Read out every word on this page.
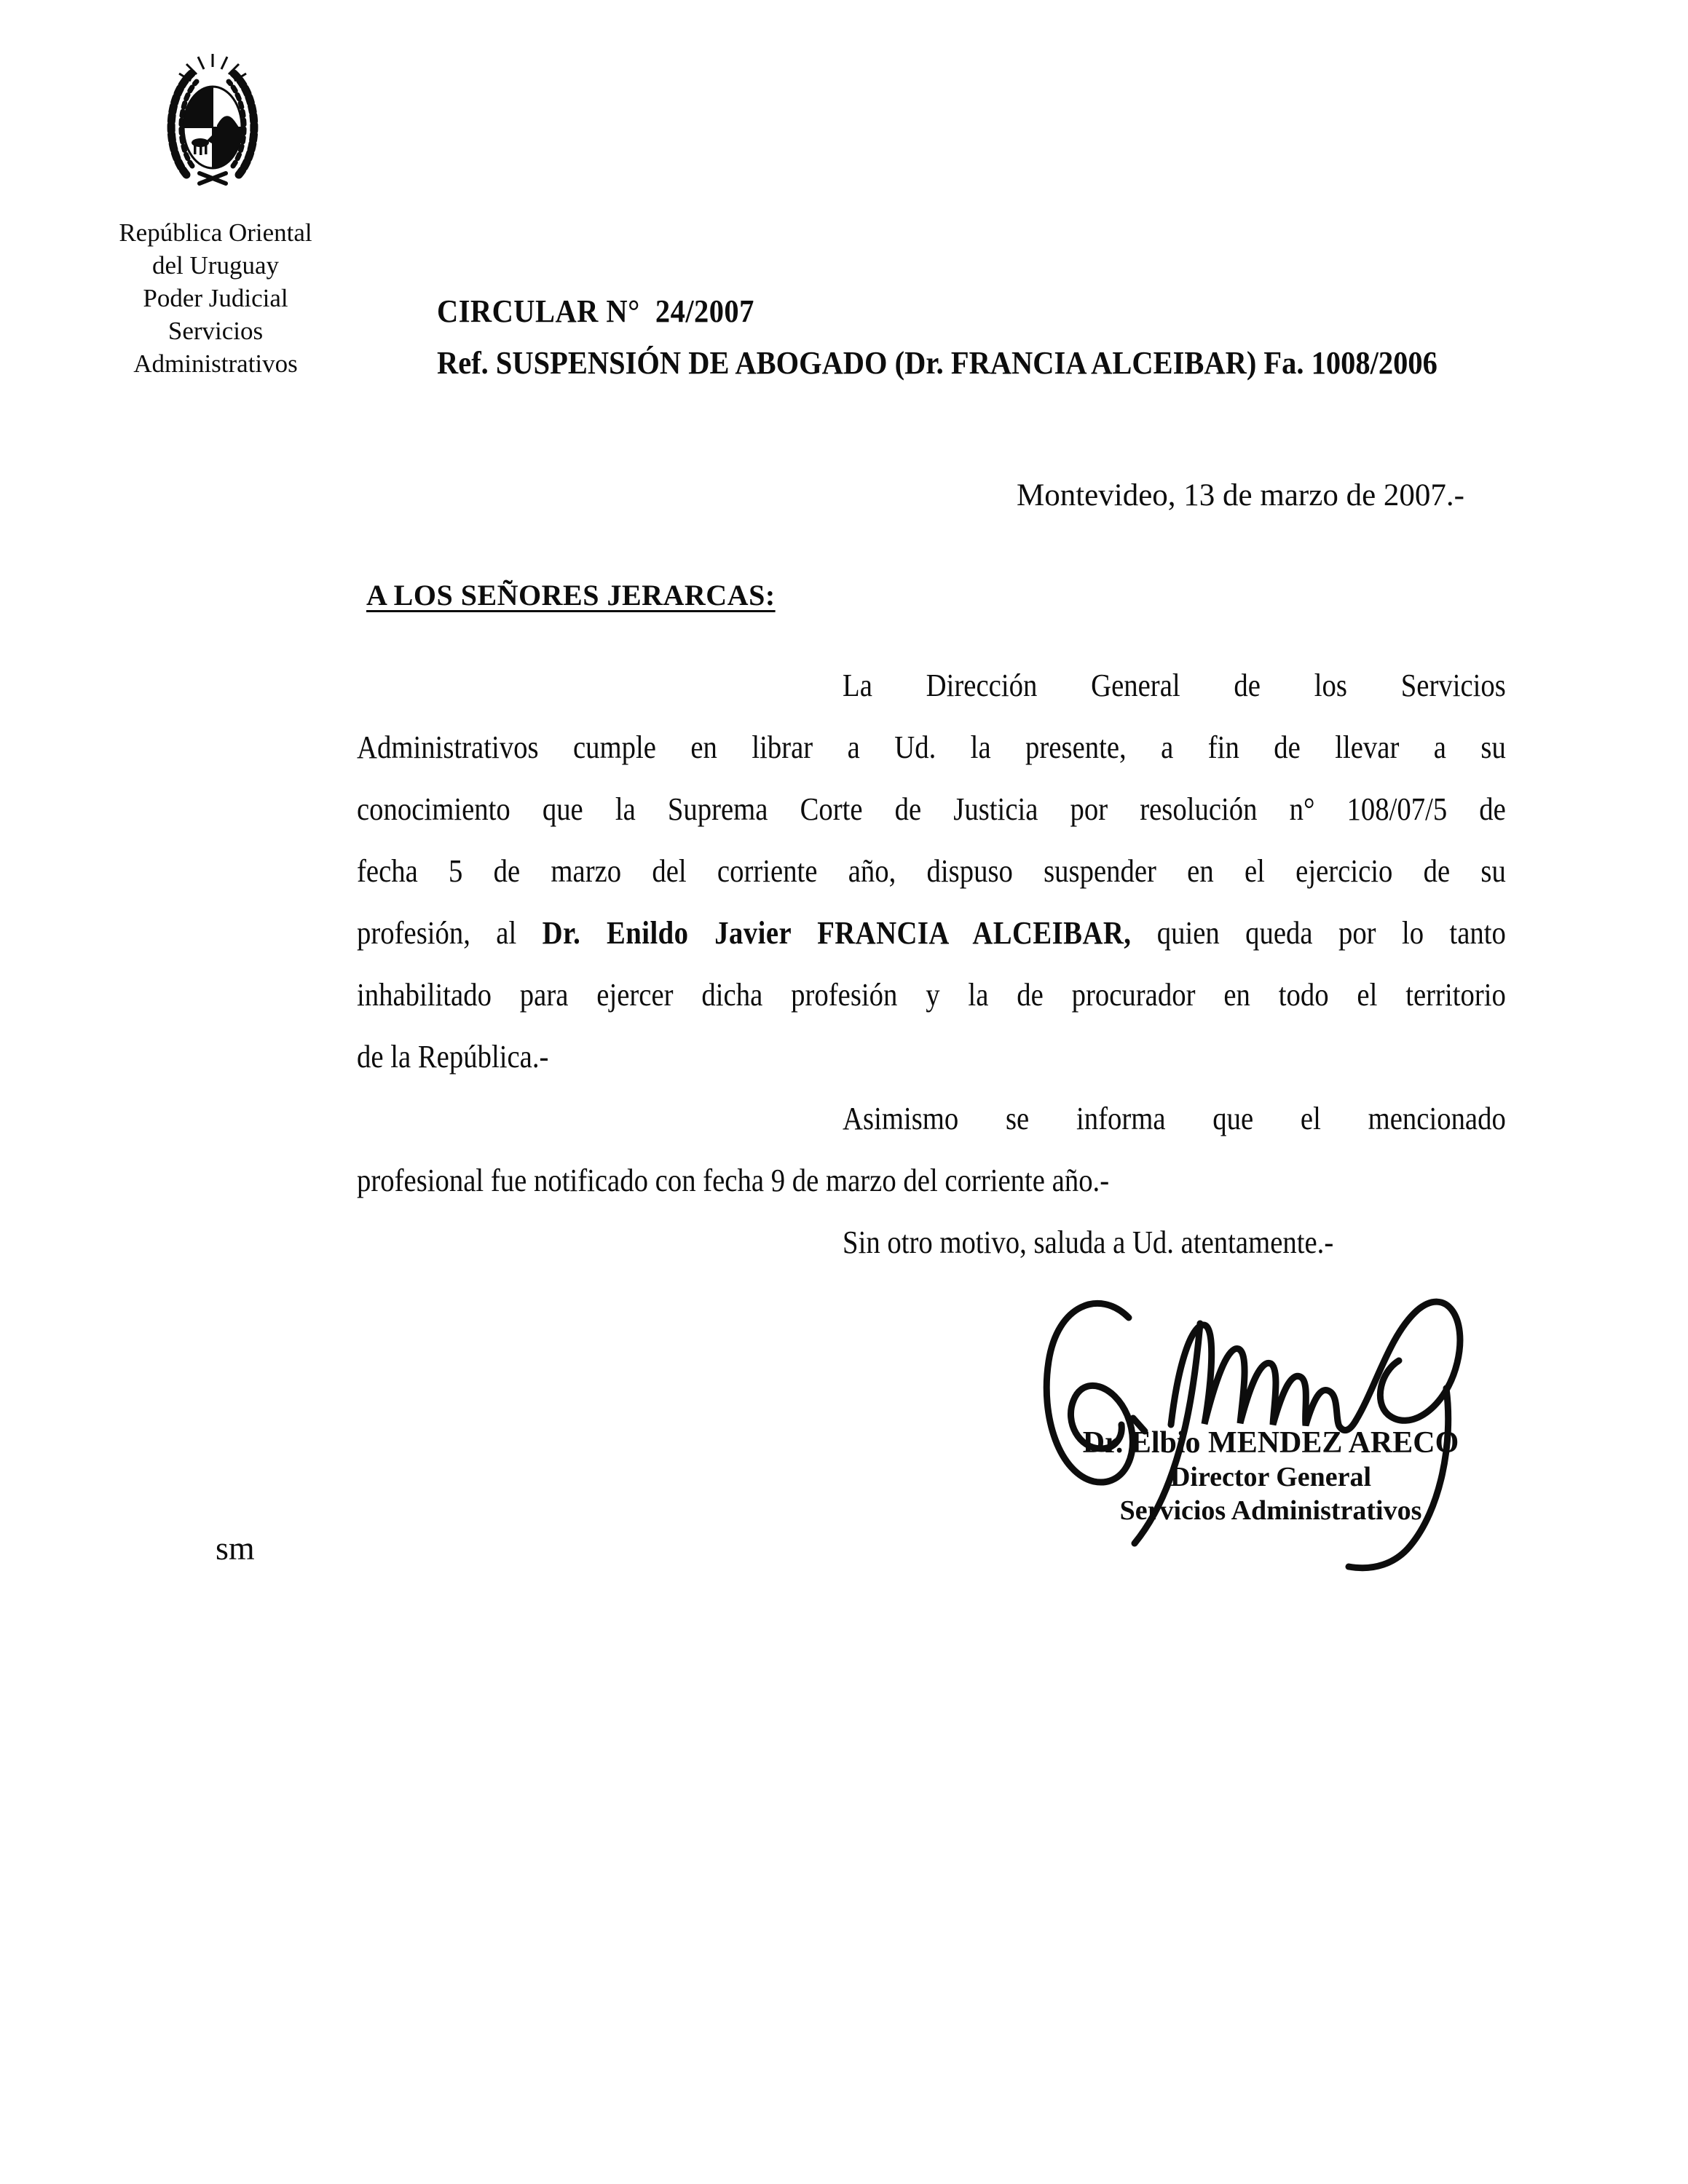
República Oriental
del Uruguay
Poder Judicial
Servicios
Administrativos
CIRCULAR N°  24/2007
Ref. SUSPENSIÓN DE ABOGADO (Dr. FRANCIA ALCEIBAR) Fa. 1008/2006
Montevideo, 13 de marzo de 2007.-
A LOS SEÑORES JERARCAS:
La Dirección General de los Servicios
Administrativos cumple en librar a Ud. la presente, a fin de llevar a su
conocimiento que la Suprema Corte de Justicia por resolución n° 108/07/5 de
fecha 5 de marzo del corriente año, dispuso suspender en el ejercicio de su
profesión, al Dr. Enildo Javier FRANCIA ALCEIBAR, quien queda por lo tanto
inhabilitado para ejercer dicha profesión y la de procurador en todo el territorio
de la República.-
Asimismo se informa que el mencionado
profesional fue notificado con fecha 9 de marzo del corriente año.-
Sin otro motivo, saluda a Ud. atentamente.-
Dr. Elbio MENDEZ ARECO
Director General
Servicios Administrativos
sm
